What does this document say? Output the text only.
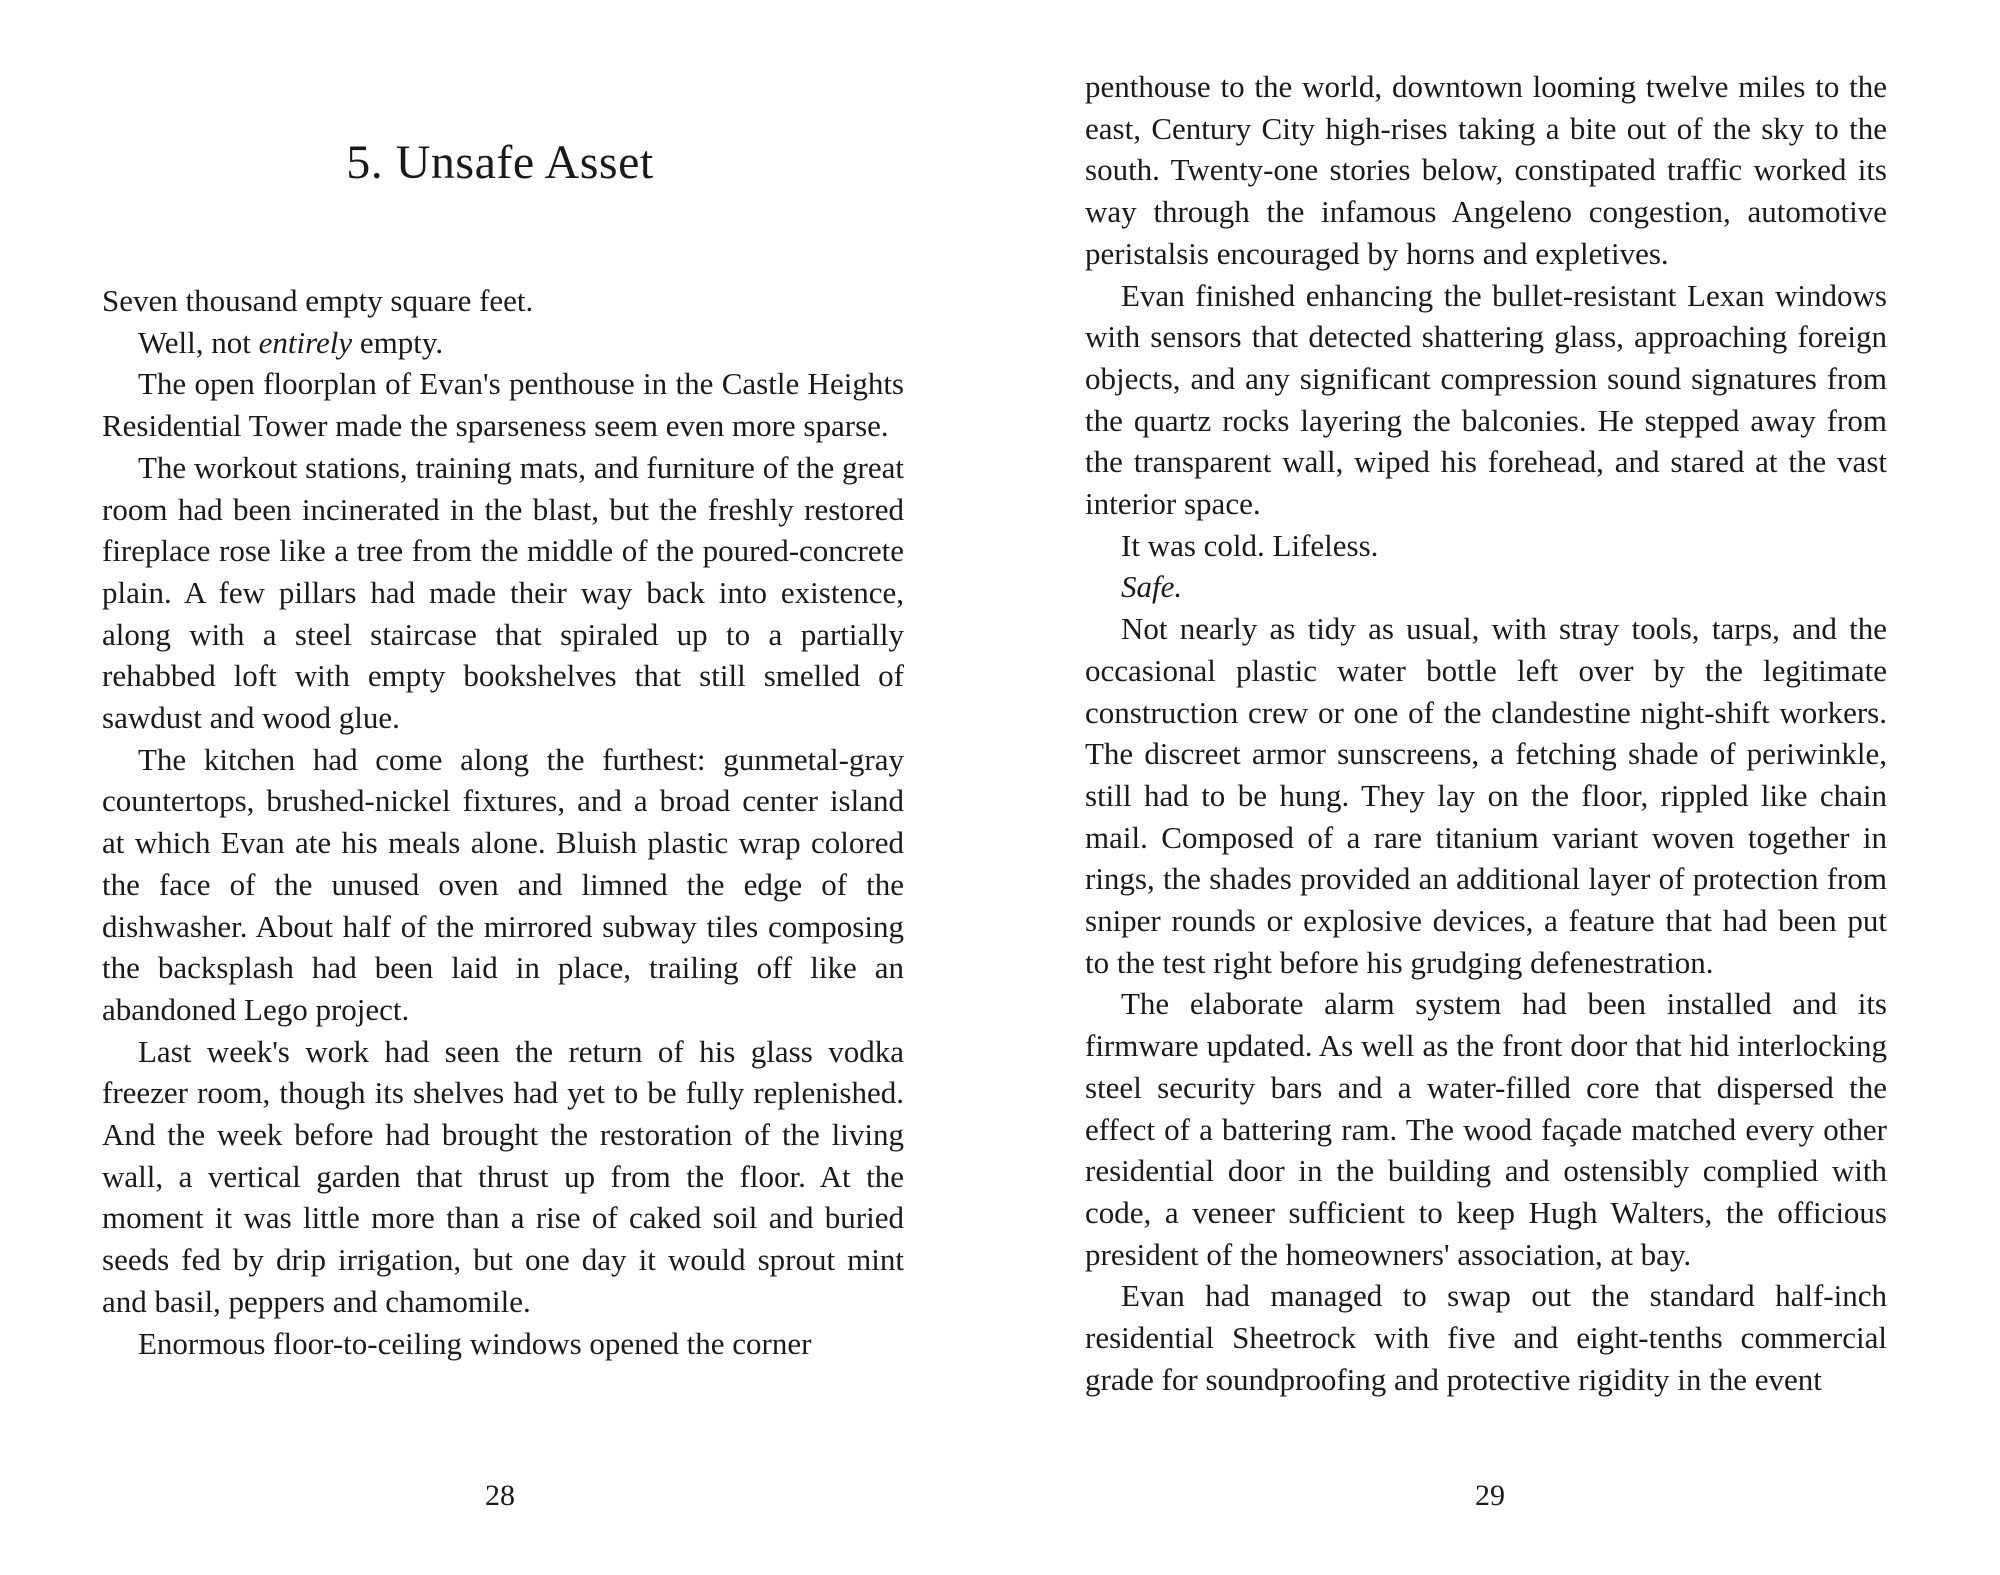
5. Unsafe Asset

Seven thousand empty square feet.

Well, not entirely empty.

The open floorplan of Evan's penthouse in the Castle Heights Residential Tower made the sparseness seem even more sparse.

The workout stations, training mats, and furniture of the great room had been incinerated in the blast, but the freshly restored fireplace rose like a tree from the middle of the poured-concrete plain. A few pillars had made their way back into existence, along with a steel staircase that spiraled up to a partially rehabbed loft with empty bookshelves that still smelled of sawdust and wood glue.

The kitchen had come along the furthest: gunmetal-gray countertops, brushed-nickel fixtures, and a broad center island at which Evan ate his meals alone. Bluish plastic wrap colored the face of the unused oven and limned the edge of the dishwasher. About half of the mirrored subway tiles composing the backsplash had been laid in place, trailing off like an abandoned Lego project.

Last week's work had seen the return of his glass vodka freezer room, though its shelves had yet to be fully replenished. And the week before had brought the restoration of the living wall, a vertical garden that thrust up from the floor. At the moment it was little more than a rise of caked soil and buried seeds fed by drip irrigation, but one day it would sprout mint and basil, peppers and chamomile.

Enormous floor-to-ceiling windows opened the corner

28

penthouse to the world, downtown looming twelve miles to the east, Century City high-rises taking a bite out of the sky to the south. Twenty-one stories below, constipated traffic worked its way through the infamous Angeleno congestion, automotive peristalsis encouraged by horns and expletives.

Evan finished enhancing the bullet-resistant Lexan windows with sensors that detected shattering glass, approaching foreign objects, and any significant compression sound signatures from the quartz rocks layering the balconies. He stepped away from the transparent wall, wiped his forehead, and stared at the vast interior space.

It was cold. Lifeless.

Safe.

Not nearly as tidy as usual, with stray tools, tarps, and the occasional plastic water bottle left over by the legitimate construction crew or one of the clandestine night-shift workers. The discreet armor sunscreens, a fetching shade of periwinkle, still had to be hung. They lay on the floor, rippled like chain mail. Composed of a rare titanium variant woven together in rings, the shades provided an additional layer of protection from sniper rounds or explosive devices, a feature that had been put to the test right before his grudging defenestration.

The elaborate alarm system had been installed and its firmware updated. As well as the front door that hid interlocking steel security bars and a water-filled core that dispersed the effect of a battering ram. The wood façade matched every other residential door in the building and ostensibly complied with code, a veneer sufficient to keep Hugh Walters, the officious president of the homeowners' association, at bay.

Evan had managed to swap out the standard half-inch residential Sheetrock with five and eight-tenths commercial grade for soundproofing and protective rigidity in the event

29
